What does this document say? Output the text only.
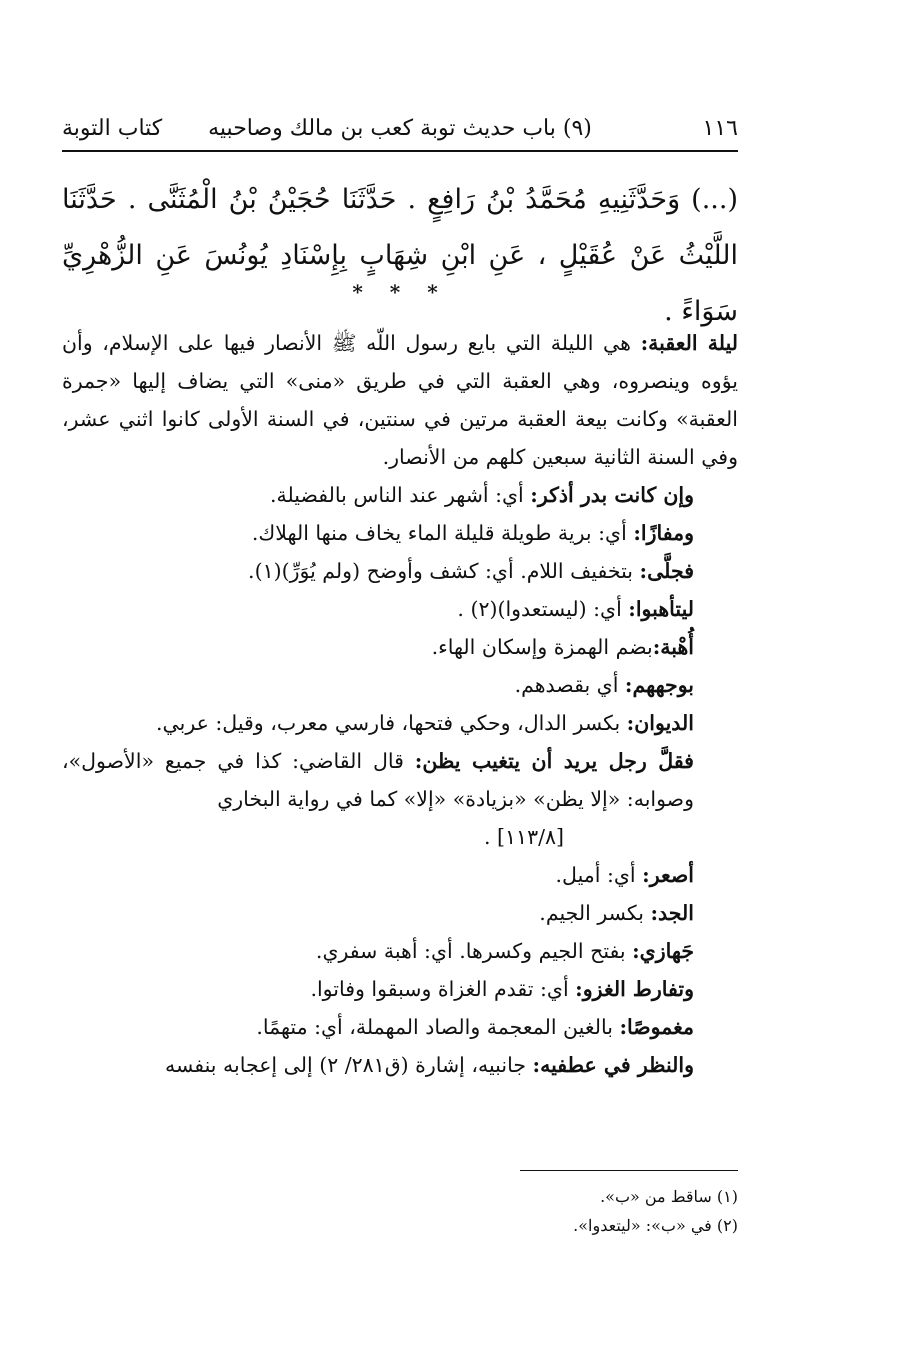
١١٦
(٩) باب حديث توبة كعب بن مالك وصاحبيه
كتاب التوبة
(...) وَحَدَّثَنِيهِ مُحَمَّدُ بْنُ رَافِعٍ . حَدَّثَنَا حُجَيْنُ بْنُ الْمُثَنَّى . حَدَّثَنَا اللَّيْثُ عَنْ عُقَيْلٍ ، عَنِ ابْنِ شِهَابٍ بِإِسْنَادِ يُونُسَ عَنِ الزُّهْرِيِّ سَوَاءً .
* * *

ليلة العقبة: هي الليلة التي بايع رسول اللّه ﷺ الأنصار فيها على الإسلام، وأن يؤوه وينصروه، وهي العقبة التي في طريق «منى» التي يضاف إليها «جمرة العقبة» وكانت بيعة العقبة مرتين في سنتين، في السنة الأولى كانوا اثني عشر، وفي السنة الثانية سبعين كلهم من الأنصار.

وإن كانت بدر أذكر: أي: أشهر عند الناس بالفضيلة.

ومفازًا: أي: برية طويلة قليلة الماء يخاف منها الهلاك.

فجلَّى: بتخفيف اللام. أي: كشف وأوضح (ولم يُوَرِّ)(١).

ليتأهبوا: أي: (ليستعدوا)(٢) .

أُهْبة:بضم الهمزة وإسكان الهاء.

بوجههم: أي بقصدهم.

الديوان: بكسر الدال، وحكي فتحها، فارسي معرب، وقيل: عربي.

فقلَّ رجل يريد أن يتغيب يظن: قال القاضي: كذا في جميع «الأصول»، وصوابه: «إلا يظن» «بزيادة» «إلا» كما في رواية البخاري
[١١٣/٨] .

أصعر: أي: أميل.

الجد: بكسر الجيم.

جَهازي: بفتح الجيم وكسرها. أي: أهبة سفري.

وتفارط الغزو: أي: تقدم الغزاة وسبقوا وفاتوا.

مغموصًا: بالغين المعجمة والصاد المهملة، أي: متهمًا.

والنظر في عطفيه: جانبيه، إشارة (ق٢٨١/ ٢) إلى إعجابه بنفسه

(١) ساقط من «ب».

(٢) في «ب»: «ليتعدوا».
